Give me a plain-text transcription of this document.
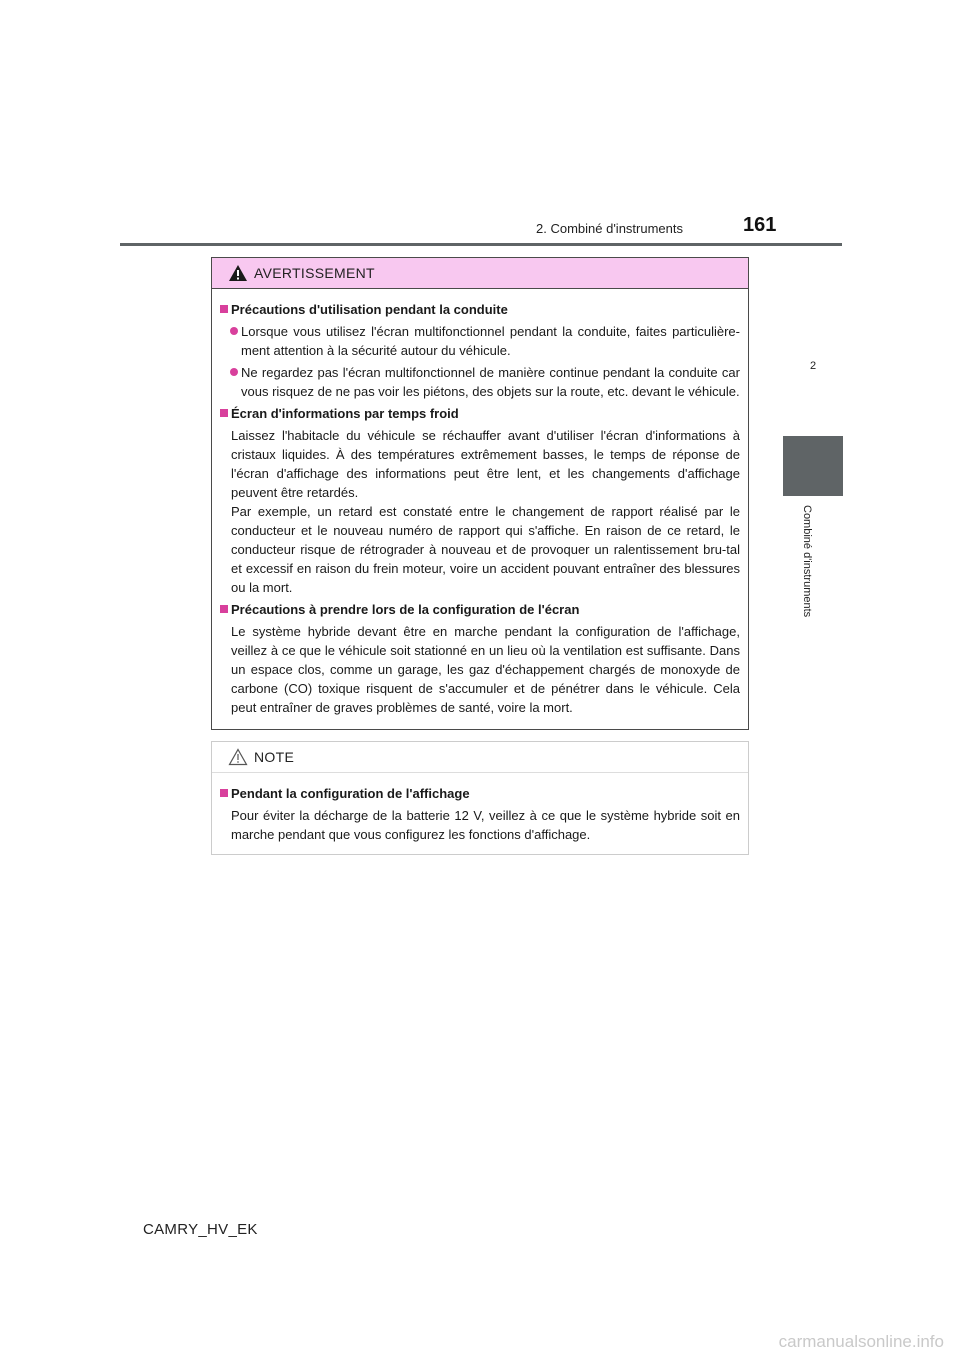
2. Combiné d'instruments	161
2
Combiné d'instruments
AVERTISSEMENT
Précautions d'utilisation pendant la conduite
Lorsque vous utilisez l'écran multifonctionnel pendant la conduite, faites particulière-ment attention à la sécurité autour du véhicule.
Ne regardez pas l'écran multifonctionnel de manière continue pendant la conduite car vous risquez de ne pas voir les piétons, des objets sur la route, etc. devant le véhicule.
Écran d'informations par temps froid
Laissez l'habitacle du véhicule se réchauffer avant d'utiliser l'écran d'informations à cristaux liquides. À des températures extrêmement basses, le temps de réponse de l'écran d'affichage des informations peut être lent, et les changements d'affichage peuvent être retardés.
Par exemple, un retard est constaté entre le changement de rapport réalisé par le conducteur et le nouveau numéro de rapport qui s'affiche. En raison de ce retard, le conducteur risque de rétrograder à nouveau et de provoquer un ralentissement bru-tal et excessif en raison du frein moteur, voire un accident pouvant entraîner des blessures ou la mort.
Précautions à prendre lors de la configuration de l'écran
Le système hybride devant être en marche pendant la configuration de l'affichage, veillez à ce que le véhicule soit stationné en un lieu où la ventilation est suffisante. Dans un espace clos, comme un garage, les gaz d'échappement chargés de monoxyde de carbone (CO) toxique risquent de s'accumuler et de pénétrer dans le véhicule. Cela peut entraîner de graves problèmes de santé, voire la mort.
NOTE
Pendant la configuration de l'affichage
Pour éviter la décharge de la batterie 12 V, veillez à ce que le système hybride soit en marche pendant que vous configurez les fonctions d'affichage.
CAMRY_HV_EK
carmanualsonline.info
